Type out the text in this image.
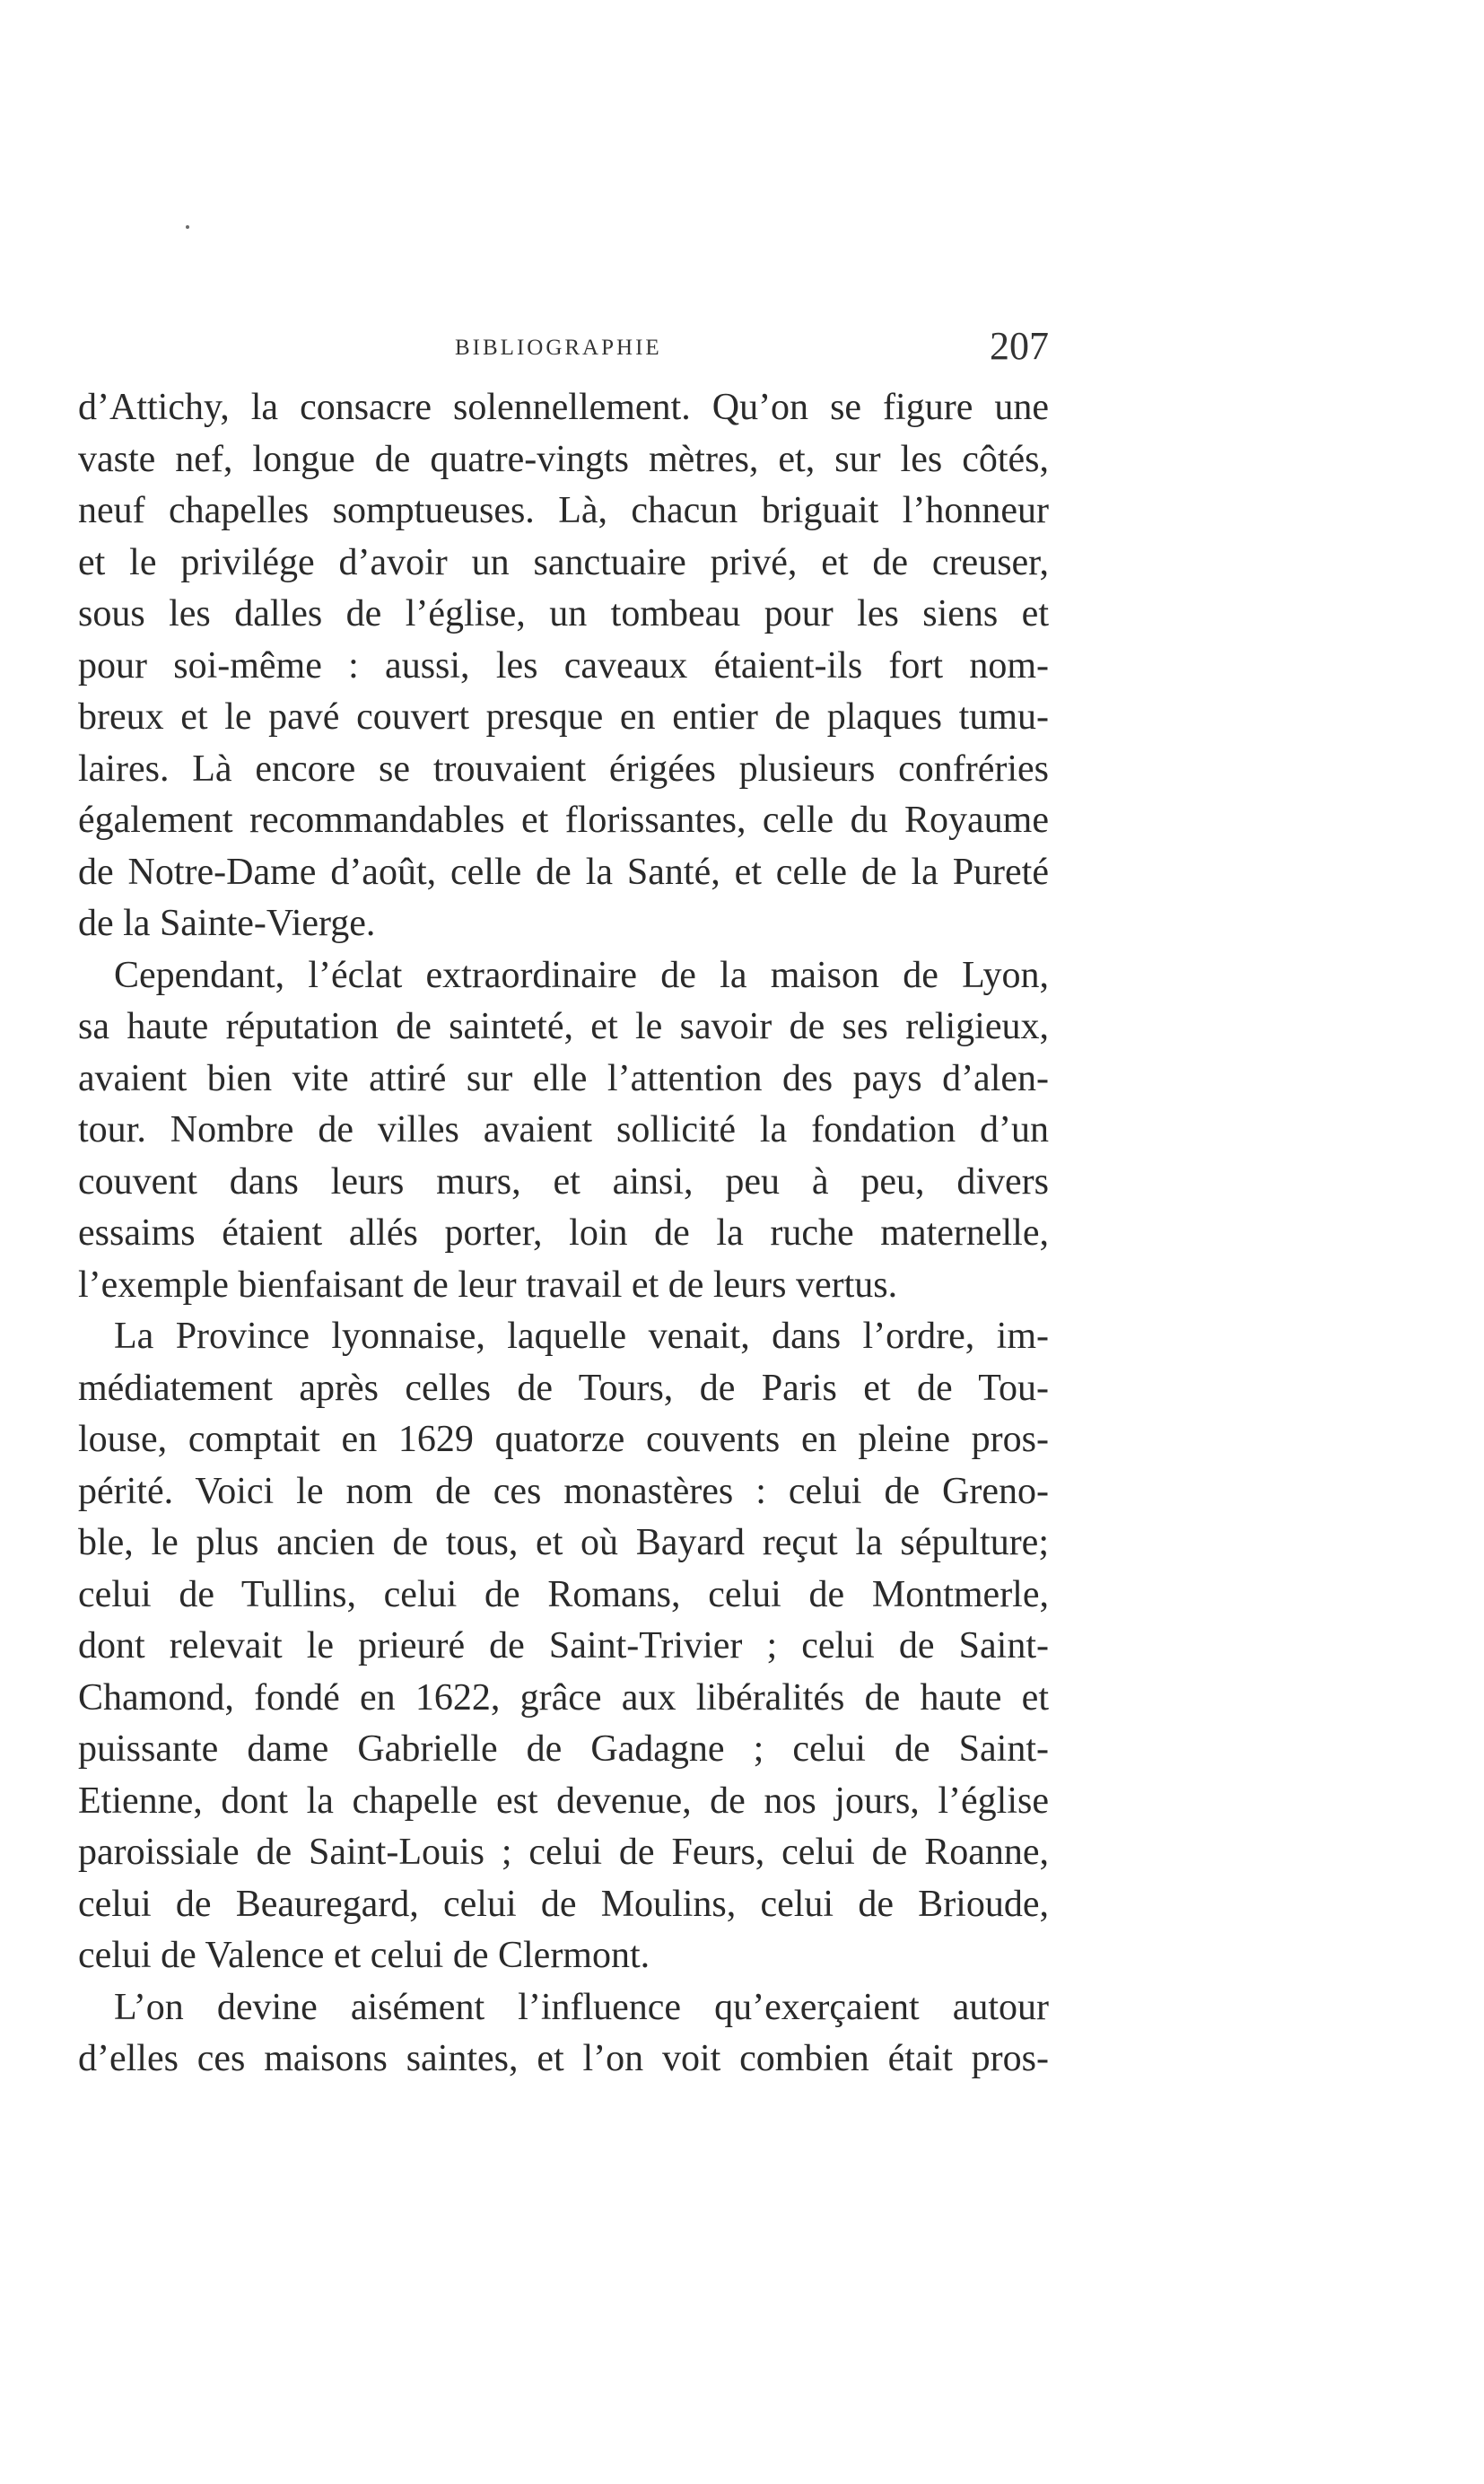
BIBLIOGRAPHIE	207

d’Attichy, la consacre solennellement. Qu’on se figure une

vaste nef, longue de quatre-vingts mètres, et, sur les côtés,

neuf chapelles somptueuses. Là, chacun briguait l’honneur

et le privilége d’avoir un sanctuaire privé, et de creuser,

sous les dalles de l’église, un tombeau pour les siens et

pour soi-même : aussi, les caveaux étaient-ils fort nom-

breux et le pavé couvert presque en entier de plaques tumu-

laires. Là encore se trouvaient érigées plusieurs confréries

également recommandables et florissantes, celle du Royaume

de Notre-Dame d’août, celle de la Santé, et celle de la Pureté

de la Sainte-Vierge.

Cependant, l’éclat extraordinaire de la maison de Lyon,

sa haute réputation de sainteté, et le savoir de ses religieux,

avaient bien vite attiré sur elle l’attention des pays d’alen-

tour. Nombre de villes avaient sollicité la fondation d’un

couvent dans leurs murs, et ainsi, peu à peu, divers

essaims étaient allés porter, loin de la ruche maternelle,

l’exemple bienfaisant de leur travail et de leurs vertus.

La Province lyonnaise, laquelle venait, dans l’ordre, im-

médiatement après celles de Tours, de Paris et de Tou-

louse, comptait en 1629 quatorze couvents en pleine pros-

périté. Voici le nom de ces monastères : celui de Greno-

ble, le plus ancien de tous, et où Bayard reçut la sépulture;

celui de Tullins, celui de Romans, celui de Montmerle,

dont relevait le prieuré de Saint-Trivier ; celui de Saint-

Chamond, fondé en 1622, grâce aux libéralités de haute et

puissante dame Gabrielle de Gadagne ; celui de Saint-

Etienne, dont la chapelle est devenue, de nos jours, l’église

paroissiale de Saint-Louis ; celui de Feurs, celui de Roanne,

celui de Beauregard, celui de Moulins, celui de Brioude,

celui de Valence et celui de Clermont.

L’on devine aisément l’influence qu’exerçaient autour

d’elles ces maisons saintes, et l’on voit combien était pros-
